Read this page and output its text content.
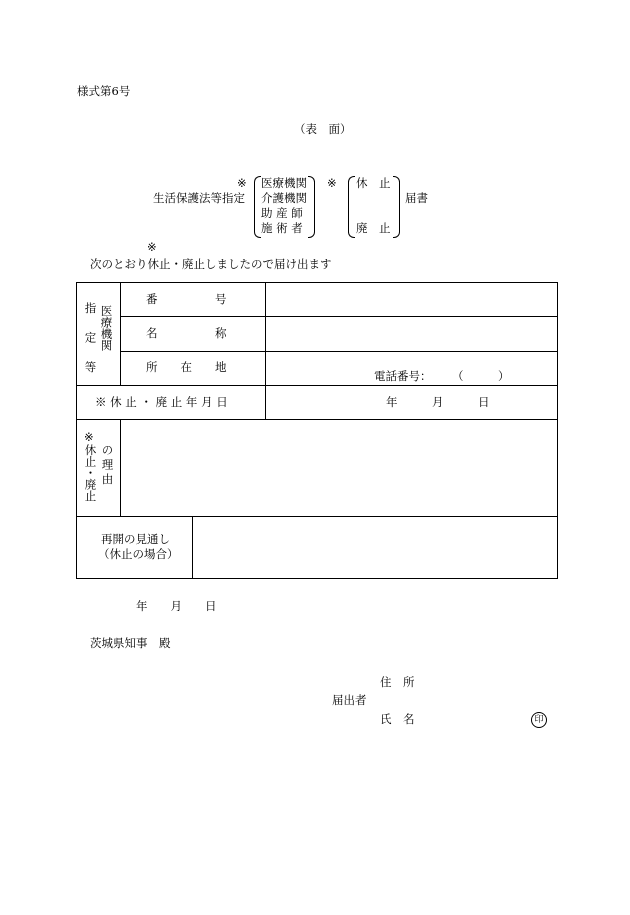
様式第6号
（表　面）
※
生活保護法等指定
医療機関
介護機関
助 産 師
施 術 者
※ 休　止
廃　止
届書
※
次のとおり休止・廃止しましたので届け出ます
指定等 医療機関
番　　　　　号
名　　　　　称
所　　在　　地
電話番号： （　　　）
※ 休 止 ・ 廃 止 年 月 日	年　　　月　　　日
※
休止・廃止 の理由
再開の見通し
（休止の場合）
年　　月　　日
茨城県知事　殿
住　所
届出者
氏　名	印
